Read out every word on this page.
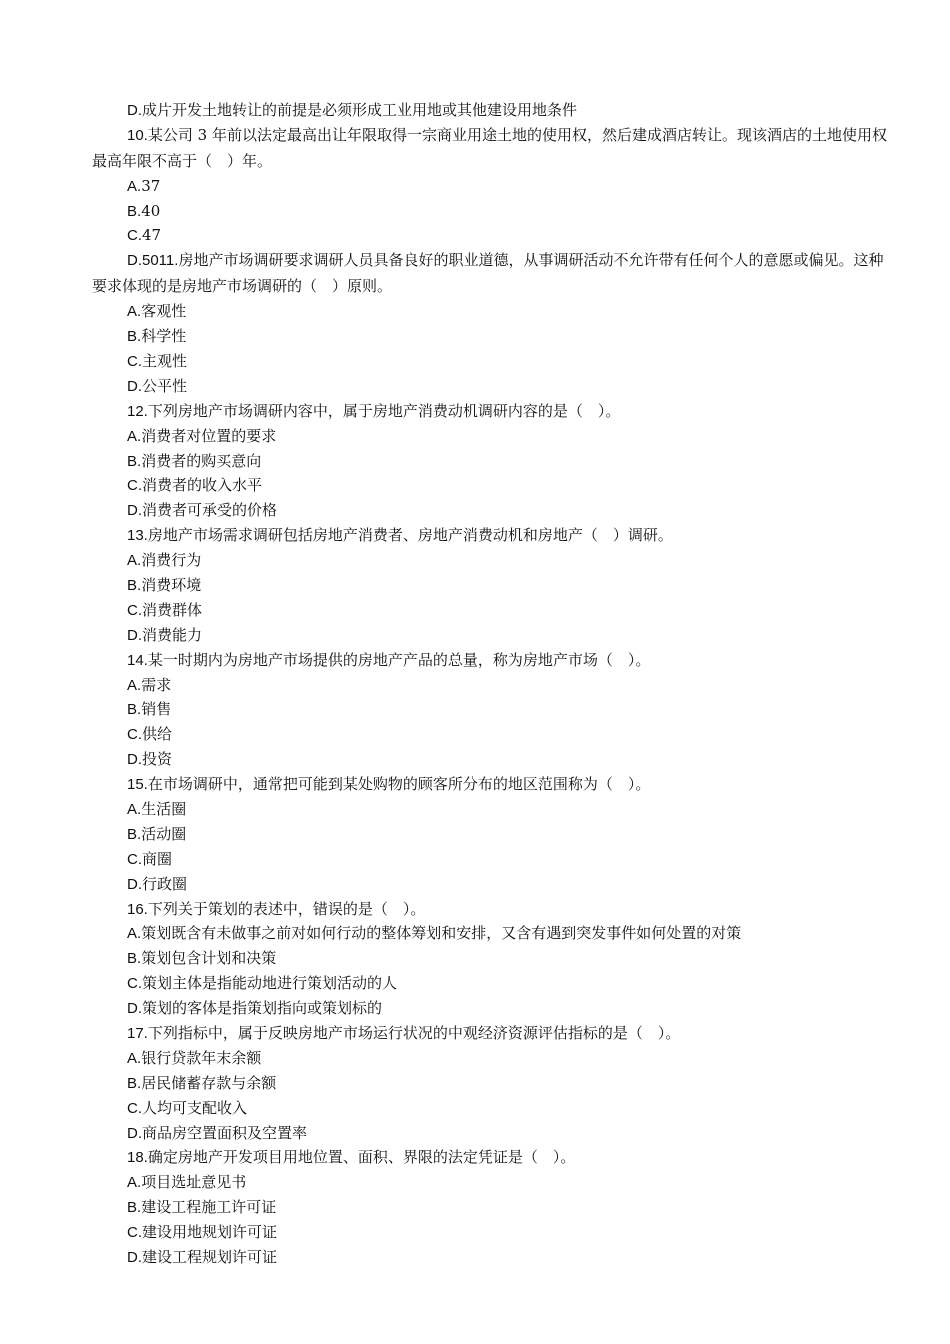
D.成片开发土地转让的前提是必须形成工业用地或其他建设用地条件
10.某公司 3 年前以法定最高出让年限取得一宗商业用途土地的使用权，然后建成酒店转让。现该酒店的土地使用权最高年限不高于（　）年。
A.37
B.40
C.47
D.5011.房地产市场调研要求调研人员具备良好的职业道德，从事调研活动不允许带有任何个人的意愿或偏见。这种要求体现的是房地产市场调研的（　）原则。
A.客观性
B.科学性
C.主观性
D.公平性
12.下列房地产市场调研内容中，属于房地产消费动机调研内容的是（　）。
A.消费者对位置的要求
B.消费者的购买意向
C.消费者的收入水平
D.消费者可承受的价格
13.房地产市场需求调研包括房地产消费者、房地产消费动机和房地产（　）调研。
A.消费行为
B.消费环境
C.消费群体
D.消费能力
14.某一时期内为房地产市场提供的房地产产品的总量，称为房地产市场（　）。
A.需求
B.销售
C.供给
D.投资
15.在市场调研中，通常把可能到某处购物的顾客所分布的地区范围称为（　）。
A.生活圈
B.活动圈
C.商圈
D.行政圈
16.下列关于策划的表述中，错误的是（　）。
A.策划既含有未做事之前对如何行动的整体筹划和安排，又含有遇到突发事件如何处置的对策
B.策划包含计划和决策
C.策划主体是指能动地进行策划活动的人
D.策划的客体是指策划指向或策划标的
17.下列指标中，属于反映房地产市场运行状况的中观经济资源评估指标的是（　）。
A.银行贷款年末余额
B.居民储蓄存款与余额
C.人均可支配收入
D.商品房空置面积及空置率
18.确定房地产开发项目用地位置、面积、界限的法定凭证是（　）。
A.项目选址意见书
B.建设工程施工许可证
C.建设用地规划许可证
D.建设工程规划许可证
